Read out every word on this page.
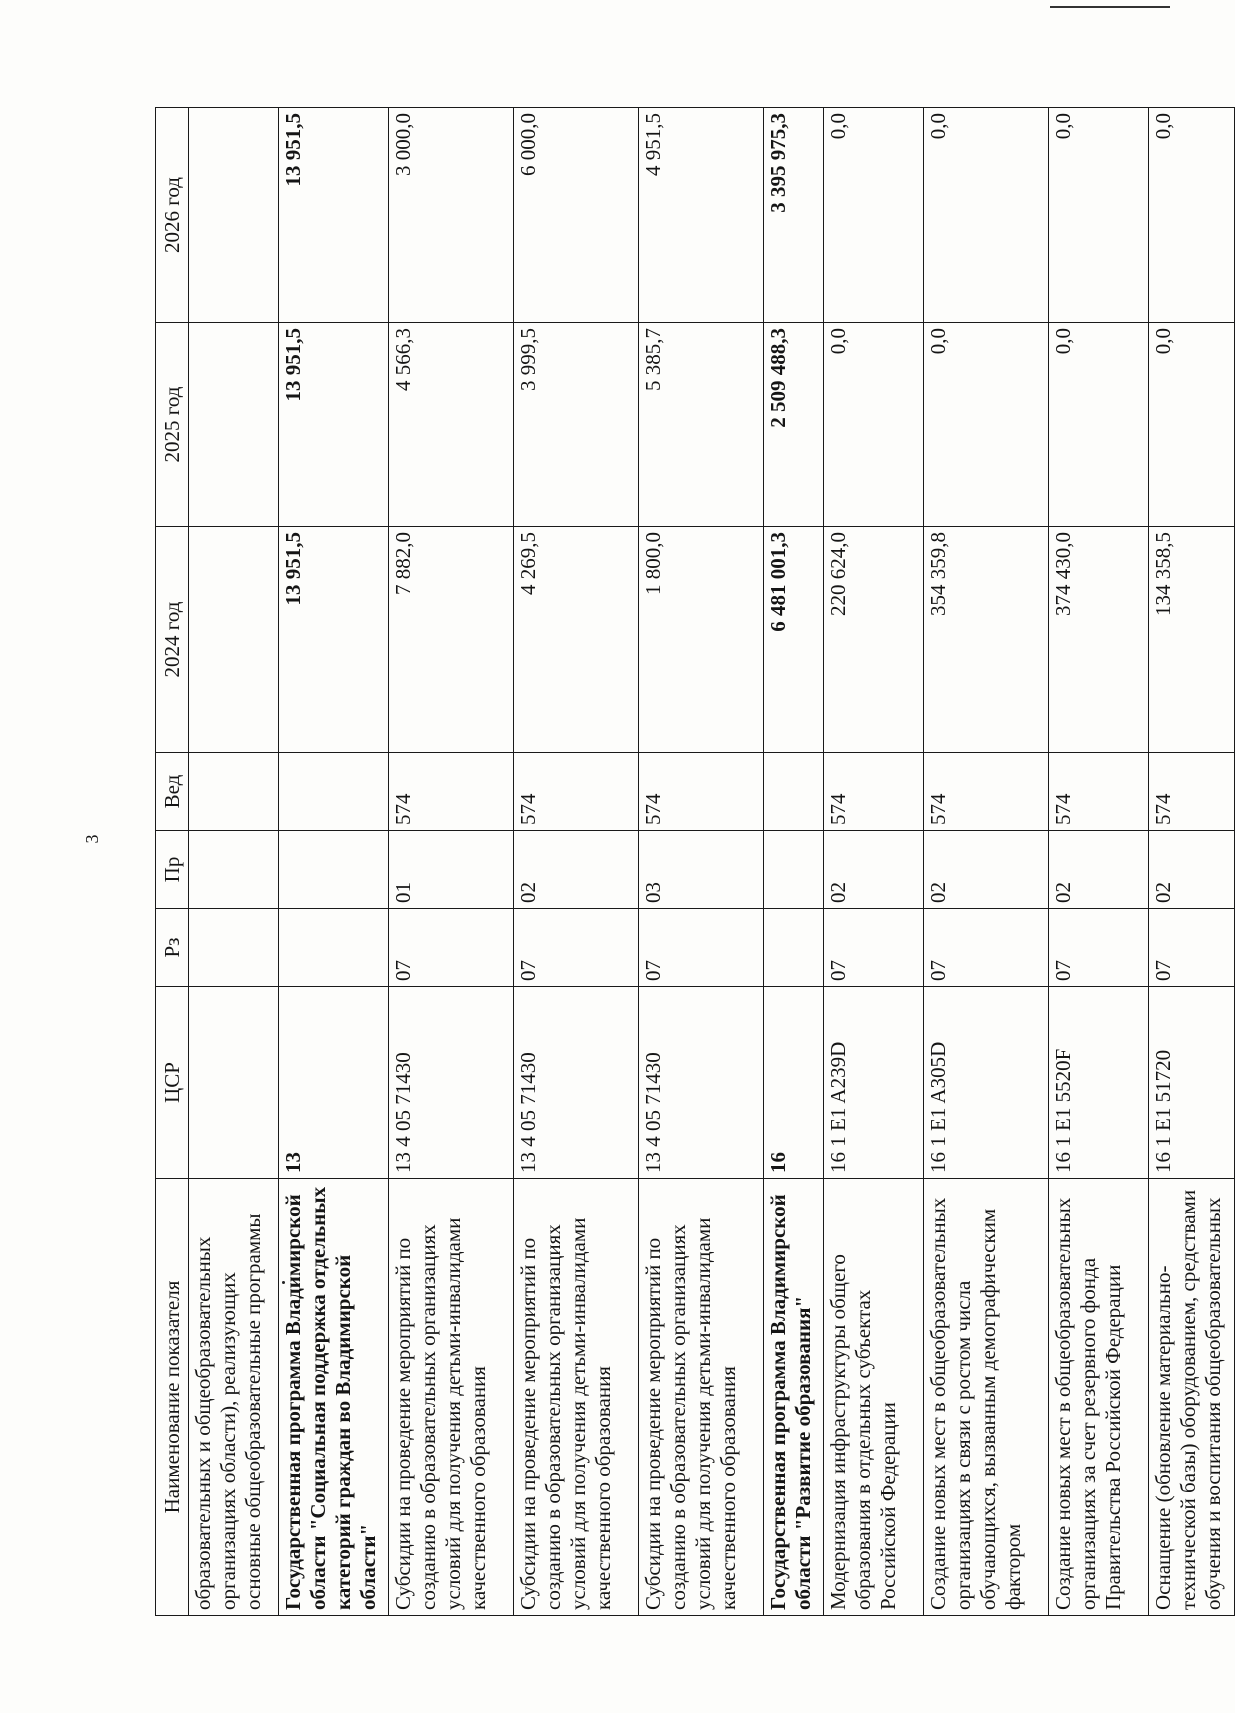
3
Наименование показателя	ЦСР	Рз	Пр	Вед	2024 год	2025 год	2026 год
образовательных и общеобразовательных организациях области), реализующих основные общеобразовательные программы							
Государственная программа Владимирской области "Социальная поддержка отдельных категорий граждан во Владимирской области"	13				13 951,5	13 951,5	13 951,5
Субсидии на проведение мероприятий по созданию в образовательных организациях условий для получения детьми-инвалидами качественного образования	13 4 05 71430	07	01	574	7 882,0	4 566,3	3 000,0
Субсидии на проведение мероприятий по созданию в образовательных организациях условий для получения детьми-инвалидами качественного образования	13 4 05 71430	07	02	574	4 269,5	3 999,5	6 000,0
Субсидии на проведение мероприятий по созданию в образовательных организациях условий для получения детьми-инвалидами качественного образования	13 4 05 71430	07	03	574	1 800,0	5 385,7	4 951,5
Государственная программа Владимирской области "Развитие образования"	16				6 481 001,3	2 509 488,3	3 395 975,3
Модернизация инфраструктуры общего образования в отдельных субъектах Российской Федерации	16 1 E1 A239D	07	02	574	220 624,0	0,0	0,0
Создание новых мест в общеобразовательных организациях в связи с ростом числа обучающихся, вызванным демографическим фактором	16 1 E1 A305D	07	02	574	354 359,8	0,0	0,0
Создание новых мест в общеобразовательных организациях за счет резервного фонда Правительства Российской Федерации	16 1 E1 5520F	07	02	574	374 430,0	0,0	0,0
Оснащение (обновление материально-технической базы) оборудованием, средствами обучения и воспитания общеобразовательных	16 1 E1 51720	07	02	574	134 358,5	0,0	0,0
